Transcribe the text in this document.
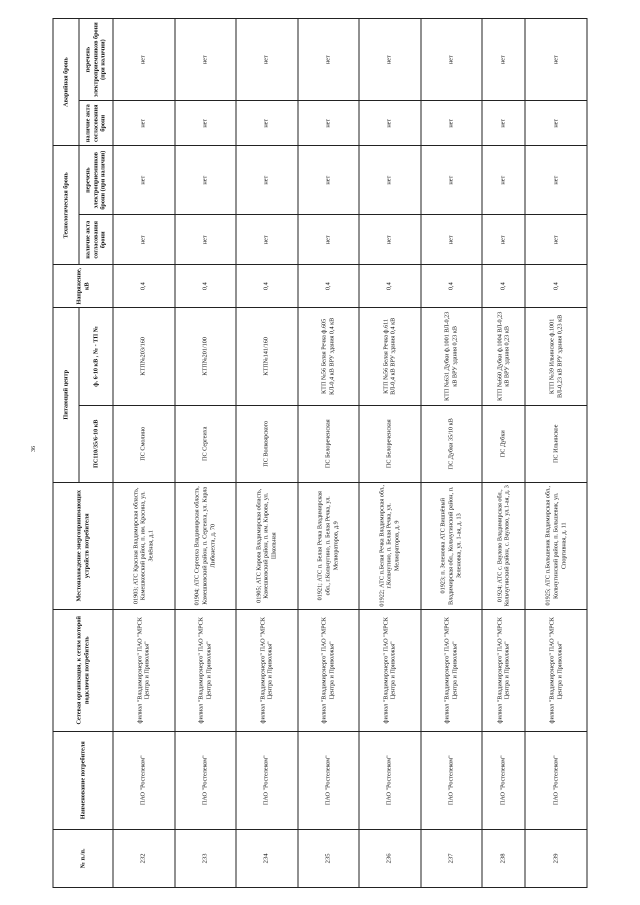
36
№ п./п.	Наименование потребителя	Сетевая организация, к сетям которой подключен потребитель	Местонахождение энергопринимающих устройств потребителя	Питающий центр		Напряжение, кВ	Технологическая бронь		Аварийная бронь	
				ПС110/35/6-10 кВ	ф. 6-10 кВ , № - ТП №		наличие акта согласования брони	перечень электроприемников брони (при наличии)	наличие акта согласования брони	перечень электроприемников брони (при наличии)
232	ПАО "Ростелеком"	филиал "Владимирэнерго" ПАО "МРСК Центра и Приволжья"	01903; АТС Красная Владимирская область, Камешковский район, п. им. Красина, ул. Зелёная, д.1	ПС Смолино	КТП№203/160	0,4	нет	нет	нет	нет
233	ПАО "Ростелеком"	филиал "Владимирэнерго" ПАО "МРСК Центра и Приволжья"	01904; АТС Сергеиха Владимирская область, Камешковский район, п. Сергеиха, ул. Карла Либкнехта, д. 70	ПС Сергеиха	КТП№201/100	0,4	нет	нет	нет	нет
234	ПАО "Ростелеком"	филиал "Владимирэнерго" ПАО "МРСК Центра и Приволжья"	01905; АТС Кирова Владимирская область, Камешковский район, п. им. Кирова, ул. Школьная	ПС Волкоярского	КТП№141/160	0,4	нет	нет	нет	нет
235	ПАО "Ростелеком"	филиал "Владимирэнерго" ПАО "МРСК Центра и Приволжья"	01921; АТС п. Белая Речка Владимирская обл., г.Кольчугино, п. Белая Речка, ул. Мелиораторов, д.9	ПС Белореченская	КТП №56 Белая Речка ф.605 КЛ-0,4 кВ ВРУ здания 0,4 кВ	0,4	нет	нет	нет	нет
236	ПАО "Ростелеком"	филиал "Владимирэнерго" ПАО "МРСК Центра и Приволжья"	01922; АТС п.Белая Речка Владимирская обл., г.Кольчугино, п. Белая Речка, ул. Мелиораторов, д. 9	ПС Белореченская	КТП №56 Белая Речка ф.611 ВЛ-0,4 кВ ВРУ здания 0,4 кВ	0,4	нет	нет	нет	нет
237	ПАО "Ростелеком"	филиал "Владимирэнерго" ПАО "МРСК Центра и Приволжья"	01923; п. Зеленовка АТС Вишнёвый Владимирская обл., Кольчугинский район, п. Зеленовка, ул. 1-ая, д. 13	ПС Дубки 35/10 кВ	КТП №631 Дубки ф.1001 ВЛ-0,23 кВ ВРУ здания 0,23 кВ	0,4	нет	нет	нет	нет
238	ПАО "Ростелеком"	филиал "Владимирэнерго" ПАО "МРСК Центра и Приволжья"	01924; АТС с. Ваулово Владимирская обл., Кольчугинский район, с. Ваулово, ул.1-ая, д. 3	ПС Дубки	КТП №660 Дубки ф.1004 ВЛ-0,23 кВ ВРУ здания 0,23 кВ	0,4	нет	нет	нет	нет
239	ПАО "Ростелеком"	филиал "Владимирэнерго" ПАО "МРСК Центра и Приволжья"	01925; АТС п.Большевик Владимирская обл., Кольчугинский район, п. Большевик, ул. Спортивная, д. 11	ПС Ильинское	КТП №39 Ильинское ф.1001 ВЛ-0,23 кВ ВРУ здания 0,23 кВ	0,4	нет	нет	нет	нет
